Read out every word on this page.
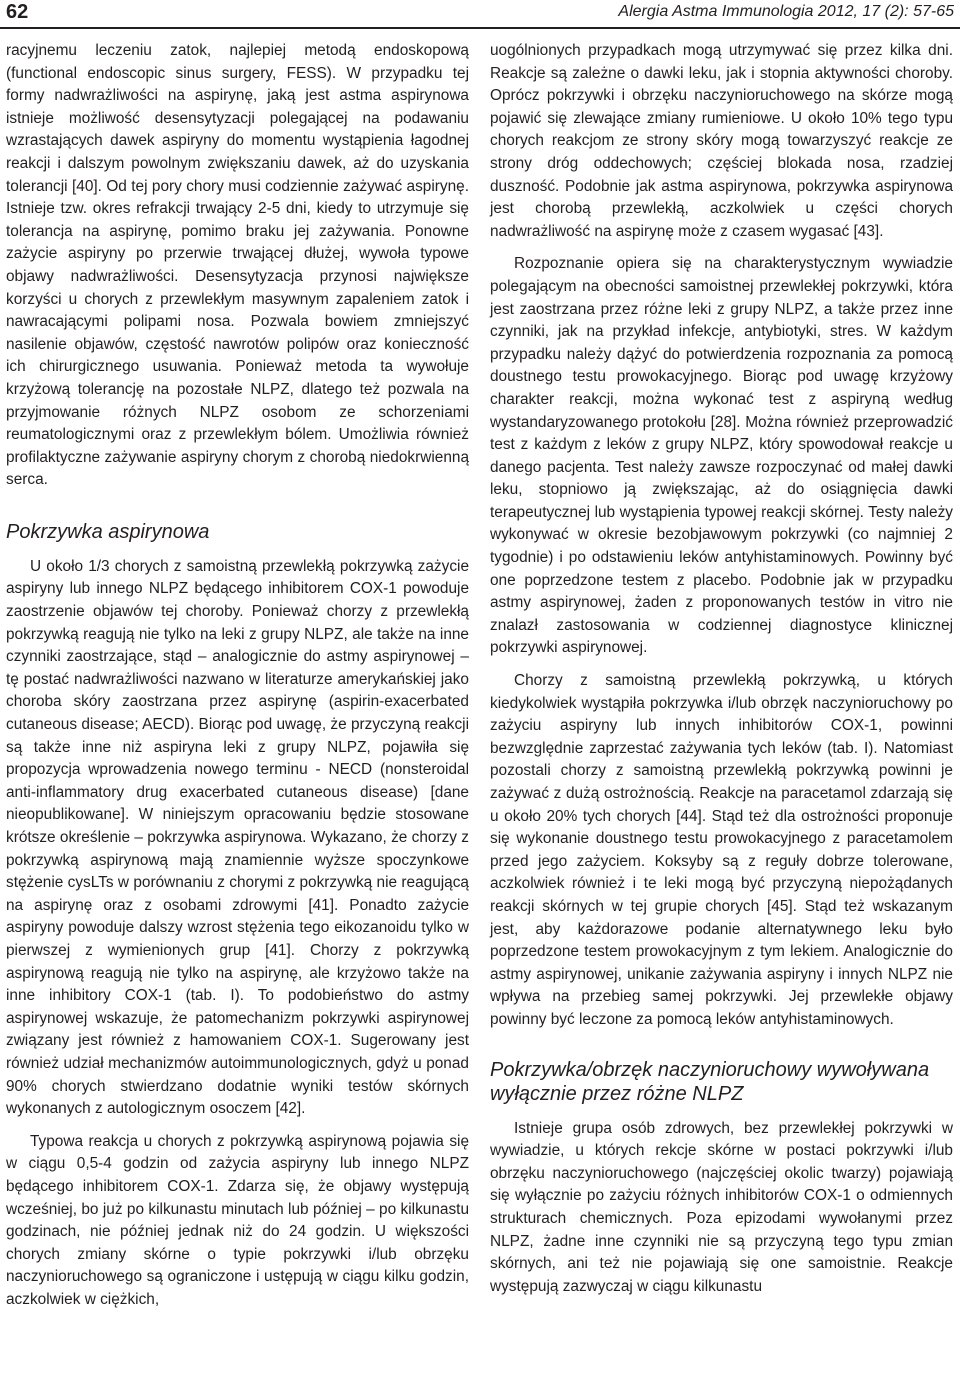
62	Alergia Astma Immunologia 2012, 17 (2): 57-65

racyjnemu leczeniu zatok, najlepiej metodą endoskopową (functional endoscopic sinus surgery, FESS). W przypadku tej formy nadwrażliwości na aspirynę, jaką jest astma aspirynowa istnieje możliwość desensytyzacji polegającej na podawaniu wzrastających dawek aspiryny do momentu wystąpienia łagodnej reakcji i dalszym powolnym zwiększaniu dawek, aż do uzyskania tolerancji [40]. Od tej pory chory musi codziennie zażywać aspirynę. Istnieje tzw. okres refrakcji trwający 2-5 dni, kiedy to utrzymuje się tolerancja na aspirynę, pomimo braku jej zażywania. Ponowne zażycie aspiryny po przerwie trwającej dłużej, wywoła typowe objawy nadwrażliwości. Desensytyzacja przynosi największe korzyści u chorych z przewlekłym masywnym zapaleniem zatok i nawracającymi polipami nosa. Pozwala bowiem zmniejszyć nasilenie objawów, częstość nawrotów polipów oraz konieczność ich chirurgicznego usuwania. Ponieważ metoda ta wywołuje krzyżową tolerancję na pozostałe NLPZ, dlatego też pozwala na przyjmowanie różnych NLPZ osobom ze schorzeniami reumatologicznymi oraz z przewlekłym bólem. Umożliwia również profilaktyczne zażywanie aspiryny chorym z chorobą niedokrwienną serca.

Pokrzywka aspirynowa

U około 1/3 chorych z samoistną przewlekłą pokrzywką zażycie aspiryny lub innego NLPZ będącego inhibitorem COX-1 powoduje zaostrzenie objawów tej choroby. Ponieważ chorzy z przewlekłą pokrzywką reagują nie tylko na leki z grupy NLPZ, ale także na inne czynniki zaostrzające, stąd – analogicznie do astmy aspirynowej – tę postać nadwrażliwości nazwano w literaturze amerykańskiej jako choroba skóry zaostrzana przez aspirynę (aspirin-exacerbated cutaneous disease; AECD). Biorąc pod uwagę, że przyczyną reakcji są także inne niż aspiryna leki z grupy NLPZ, pojawiła się propozycja wprowadzenia nowego terminu - NECD (nonsteroidal anti-inflammatory drug exacerbated cutaneous disease) [dane nieopublikowane]. W niniejszym opracowaniu będzie stosowane krótsze określenie – pokrzywka aspirynowa. Wykazano, że chorzy z pokrzywką aspirynową mają znamiennie wyższe spoczynkowe stężenie cysLTs w porównaniu z chorymi z pokrzywką nie reagującą na aspirynę oraz z osobami zdrowymi [41]. Ponadto zażycie aspiryny powoduje dalszy wzrost stężenia tego eikozanoidu tylko w pierwszej z wymienionych grup [41]. Chorzy z pokrzywką aspirynową reagują nie tylko na aspirynę, ale krzyżowo także na inne inhibitory COX-1 (tab. I). To podobieństwo do astmy aspirynowej wskazuje, że patomechanizm pokrzywki aspirynowej związany jest również z hamowaniem COX-1. Sugerowany jest również udział mechanizmów autoimmunologicznych, gdyż u ponad 90% chorych stwierdzano dodatnie wyniki testów skórnych wykonanych z autologicznym osoczem [42].

Typowa reakcja u chorych z pokrzywką aspirynową pojawia się w ciągu 0,5-4 godzin od zażycia aspiryny lub innego NLPZ będącego inhibitorem COX-1. Zdarza się, że objawy występują wcześniej, bo już po kilkunastu minutach lub później – po kilkunastu godzinach, nie później jednak niż do 24 godzin. U większości chorych zmiany skórne o typie pokrzywki i/lub obrzęku naczynioruchowego są ograniczone i ustępują w ciągu kilku godzin, aczkolwiek w ciężkich,

uogólnionych przypadkach mogą utrzymywać się przez kilka dni. Reakcje są zależne o dawki leku, jak i stopnia aktywności choroby. Oprócz pokrzywki i obrzęku naczynioruchowego na skórze mogą pojawić się zlewające zmiany rumieniowe. U około 10% tego typu chorych reakcjom ze strony skóry mogą towarzyszyć reakcje ze strony dróg oddechowych; częściej blokada nosa, rzadziej duszność. Podobnie jak astma aspirynowa, pokrzywka aspirynowa jest chorobą przewlekłą, aczkolwiek u części chorych nadwrażliwość na aspirynę może z czasem wygasać [43].

Rozpoznanie opiera się na charakterystycznym wywiadzie polegającym na obecności samoistnej przewlekłej pokrzywki, która jest zaostrzana przez różne leki z grupy NLPZ, a także przez inne czynniki, jak na przykład infekcje, antybiotyki, stres. W każdym przypadku należy dążyć do potwierdzenia rozpoznania za pomocą doustnego testu prowokacyjnego. Biorąc pod uwagę krzyżowy charakter reakcji, można wykonać test z aspiryną według wystandaryzowanego protokołu [28]. Można również przeprowadzić test z każdym z leków z grupy NLPZ, który spowodował reakcje u danego pacjenta. Test należy zawsze rozpoczynać od małej dawki leku, stopniowo ją zwiększając, aż do osiągnięcia dawki terapeutycznej lub wystąpienia typowej reakcji skórnej. Testy należy wykonywać w okresie bezobjawowym pokrzywki (co najmniej 2 tygodnie) i po odstawieniu leków antyhistaminowych. Powinny być one poprzedzone testem z placebo. Podobnie jak w przypadku astmy aspirynowej, żaden z proponowanych testów in vitro nie znalazł zastosowania w codziennej diagnostyce klinicznej pokrzywki aspirynowej.

Chorzy z samoistną przewlekłą pokrzywką, u których kiedykolwiek wystąpiła pokrzywka i/lub obrzęk naczynioruchowy po zażyciu aspiryny lub innych inhibitorów COX-1, powinni bezwzględnie zaprzestać zażywania tych leków (tab. I). Natomiast pozostali chorzy z samoistną przewlekłą pokrzywką powinni je zażywać z dużą ostrożnością. Reakcje na paracetamol zdarzają się u około 20% tych chorych [44]. Stąd też dla ostrożności proponuje się wykonanie doustnego testu prowokacyjnego z paracetamolem przed jego zażyciem. Koksyby są z reguły dobrze tolerowane, aczkolwiek również i te leki mogą być przyczyną niepożądanych reakcji skórnych w tej grupie chorych [45]. Stąd też wskazanym jest, aby każdorazowe podanie alternatywnego leku było poprzedzone testem prowokacyjnym z tym lekiem. Analogicznie do astmy aspirynowej, unikanie zażywania aspiryny i innych NLPZ nie wpływa na przebieg samej pokrzywki. Jej przewlekłe objawy powinny być leczone za pomocą leków antyhistaminowych.

Pokrzywka/obrzęk naczynioruchowy wywoływana wyłącznie przez różne NLPZ

Istnieje grupa osób zdrowych, bez przewlekłej pokrzywki w wywiadzie, u których rekcje skórne w postaci pokrzywki i/lub obrzęku naczynioruchowego (najczęściej okolic twarzy) pojawiają się wyłącznie po zażyciu różnych inhibitorów COX-1 o odmiennych strukturach chemicznych. Poza epizodami wywołanymi przez NLPZ, żadne inne czynniki nie są przyczyną tego typu zmian skórnych, ani też nie pojawiają się one samoistnie. Reakcje występują zazwyczaj w ciągu kilkunastu
